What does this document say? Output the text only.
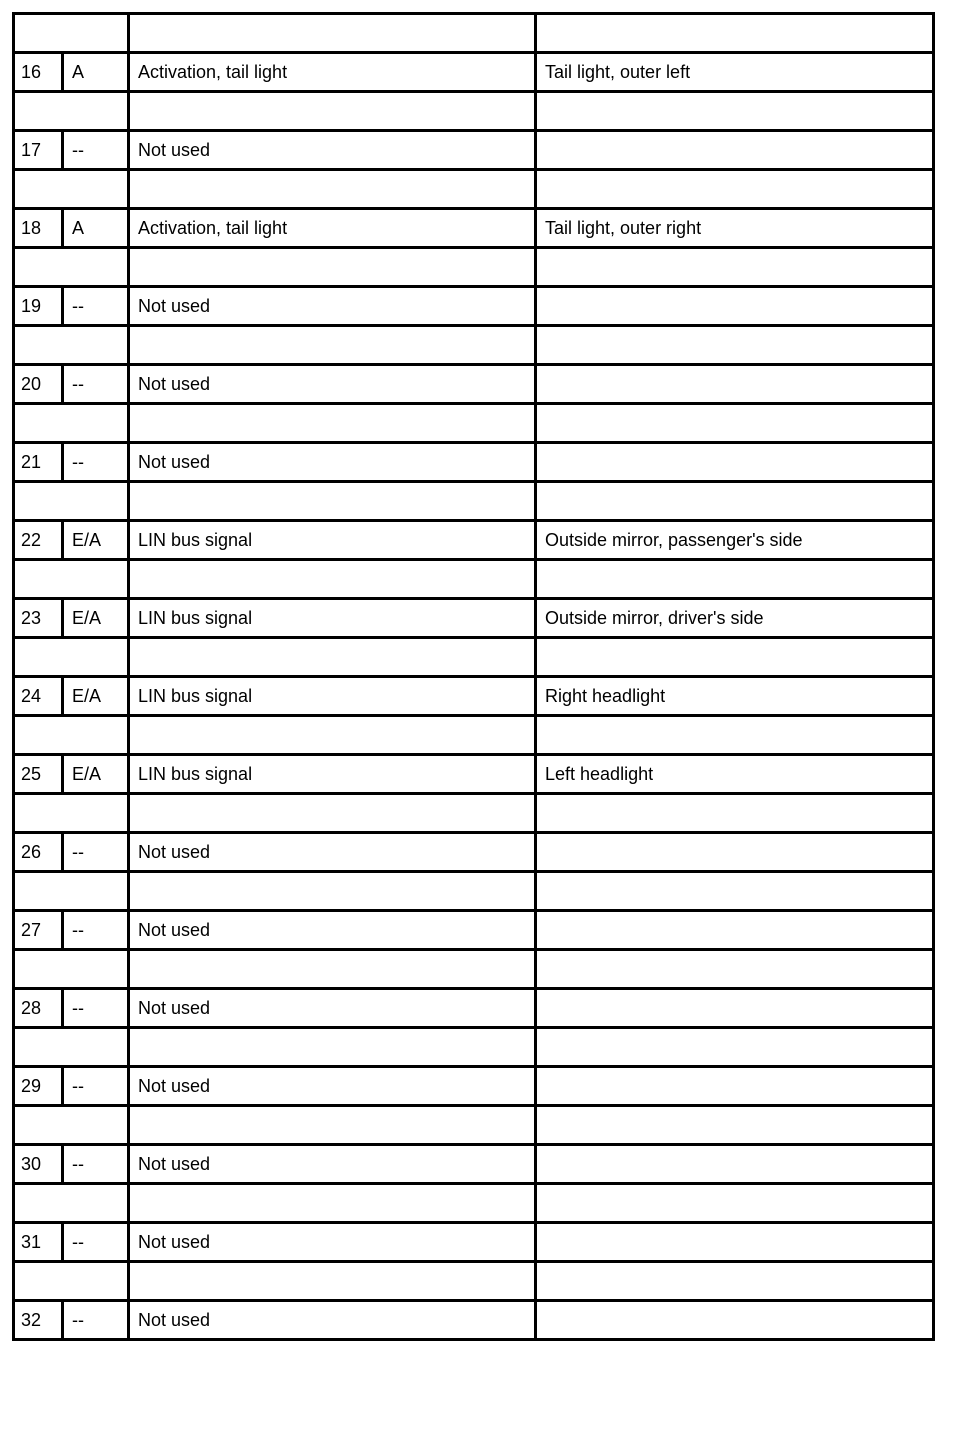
16	A	Activation, tail light	Tail light, outer left

17	--	Not used	

18	A	Activation, tail light	Tail light, outer right

19	--	Not used	

20	--	Not used	

21	--	Not used	

22	E/A	LIN bus signal	Outside mirror, passenger's side

23	E/A	LIN bus signal	Outside mirror, driver's side

24	E/A	LIN bus signal	Right headlight

25	E/A	LIN bus signal	Left headlight

26	--	Not used	

27	--	Not used	

28	--	Not used	

29	--	Not used	

30	--	Not used	

31	--	Not used	

32	--	Not used	
